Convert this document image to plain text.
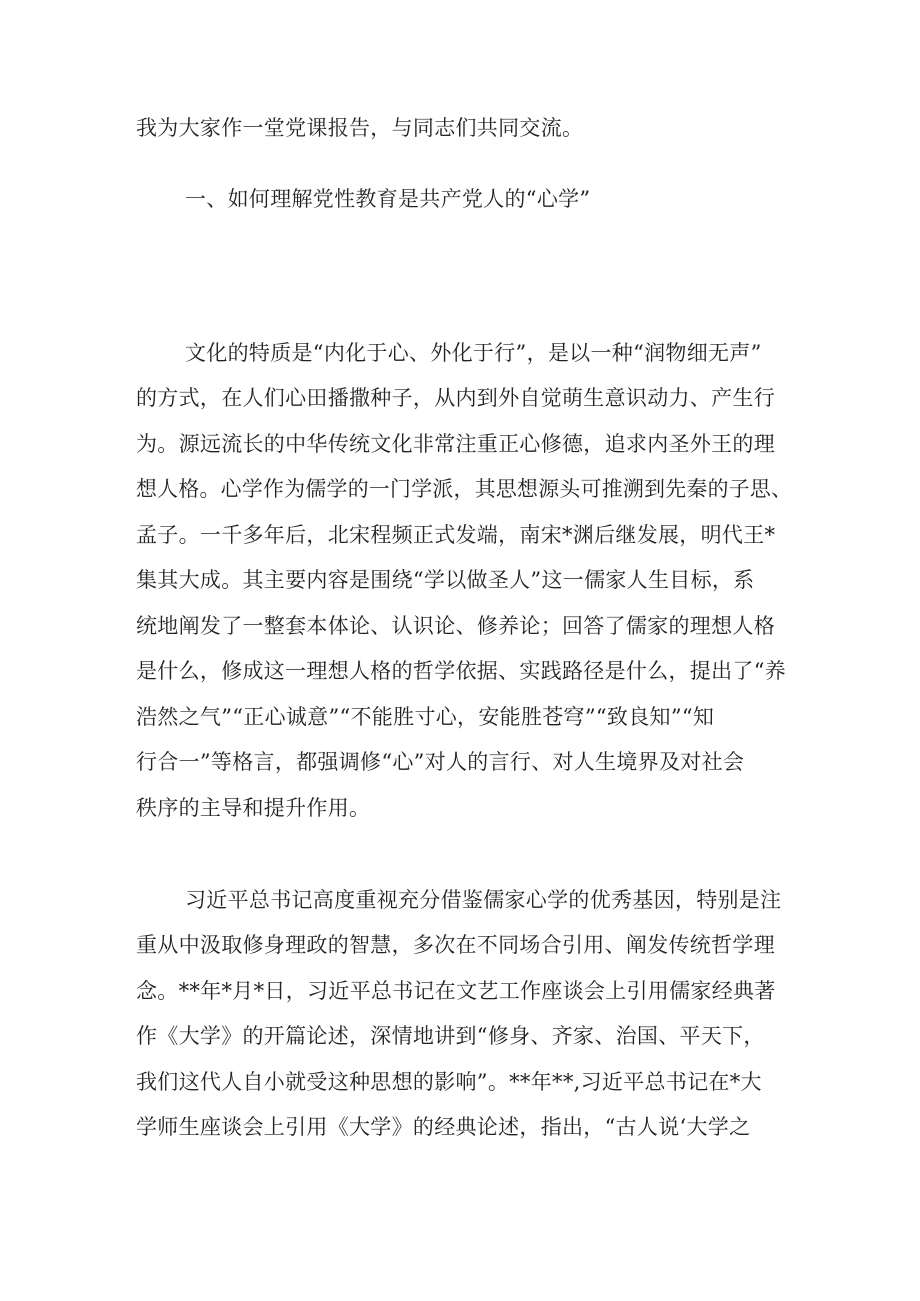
我为大家作一堂党课报告，与同志们共同交流。
一、如何理解党性教育是共产党人的“心学”
文化的特质是“内化于心、外化于行”，是以一种“润物细无声”
的方式，在人们心田播撒种子，从内到外自觉萌生意识动力、产生行
为。源远流长的中华传统文化非常注重正心修德，追求内圣外王的理
想人格。心学作为儒学的一门学派，其思想源头可推溯到先秦的子思、
孟子。一千多年后，北宋程频正式发端，南宋*渊后继发展，明代王*
集其大成。其主要内容是围绕“学以做圣人”这一儒家人生目标，系
统地阐发了一整套本体论、认识论、修养论；回答了儒家的理想人格
是什么，修成这一理想人格的哲学依据、实践路径是什么，提出了“养
浩然之气”“正心诚意”“不能胜寸心，安能胜苍穹”“致良知”“知
行合一”等格言，都强调修“心”对人的言行、对人生境界及对社会
秩序的主导和提升作用。
习近平总书记高度重视充分借鉴儒家心学的优秀基因，特别是注
重从中汲取修身理政的智慧，多次在不同场合引用、阐发传统哲学理
念。**年*月*日，习近平总书记在文艺工作座谈会上引用儒家经典著
作《大学》的开篇论述，深情地讲到“修身、齐家、治国、平天下，
我们这代人自小就受这种思想的影响”。**年**,习近平总书记在*大
学师生座谈会上引用《大学》的经典论述，指出，“古人说‘大学之
